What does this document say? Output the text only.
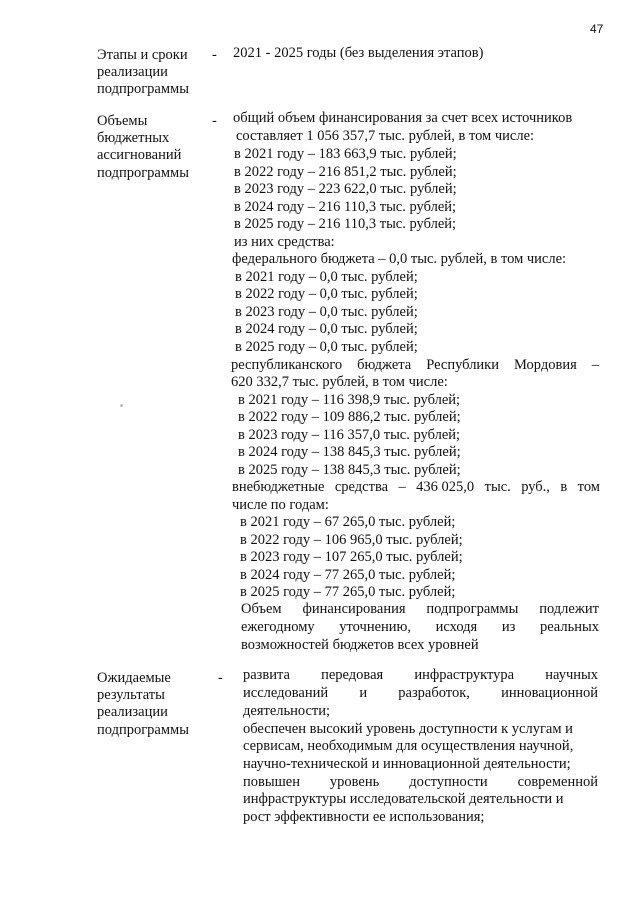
47
Этапы и сроки
реализации
подпрограммы
- 2021 - 2025 годы (без выделения этапов)
Объемы
бюджетных
ассигнований
подпрограммы
- общий объем финансирования за счет всех источников
составляет 1 056 357,7 тыс. рублей, в том числе:
в 2021 году – 183 663,9 тыс. рублей;
в 2022 году – 216 851,2 тыс. рублей;
в 2023 году – 223 622,0 тыс. рублей;
в 2024 году – 216 110,3 тыс. рублей;
в 2025 году – 216 110,3 тыс. рублей;
из них средства:
федерального бюджета – 0,0 тыс. рублей, в том числе:
в 2021 году – 0,0 тыс. рублей;
в 2022 году – 0,0 тыс. рублей;
в 2023 году – 0,0 тыс. рублей;
в 2024 году – 0,0 тыс. рублей;
в 2025 году – 0,0 тыс. рублей;
республиканского бюджета Республики Мордовия –
620 332,7 тыс. рублей, в том числе:
в 2021 году – 116 398,9 тыс. рублей;
в 2022 году – 109 886,2 тыс. рублей;
в 2023 году – 116 357,0 тыс. рублей;
в 2024 году – 138 845,3 тыс. рублей;
в 2025 году – 138 845,3 тыс. рублей;
внебюджетные средства – 436 025,0 тыс. руб., в том
числе по годам:
в 2021 году – 67 265,0 тыс. рублей;
в 2022 году – 106 965,0 тыс. рублей;
в 2023 году – 107 265,0 тыс. рублей;
в 2024 году – 77 265,0 тыс. рублей;
в 2025 году – 77 265,0 тыс. рублей;
Объем финансирования подпрограммы подлежит
ежегодному уточнению, исходя из реальных
возможностей бюджетов всех уровней
Ожидаемые
результаты
реализации
подпрограммы
- развита передовая инфраструктура научных
исследований и разработок, инновационной
деятельности;
обеспечен высокий уровень доступности к услугам и
сервисам, необходимым для осуществления научной,
научно-технической и инновационной деятельности;
повышен уровень доступности современной
инфраструктуры исследовательской деятельности и
рост эффективности ее использования;
